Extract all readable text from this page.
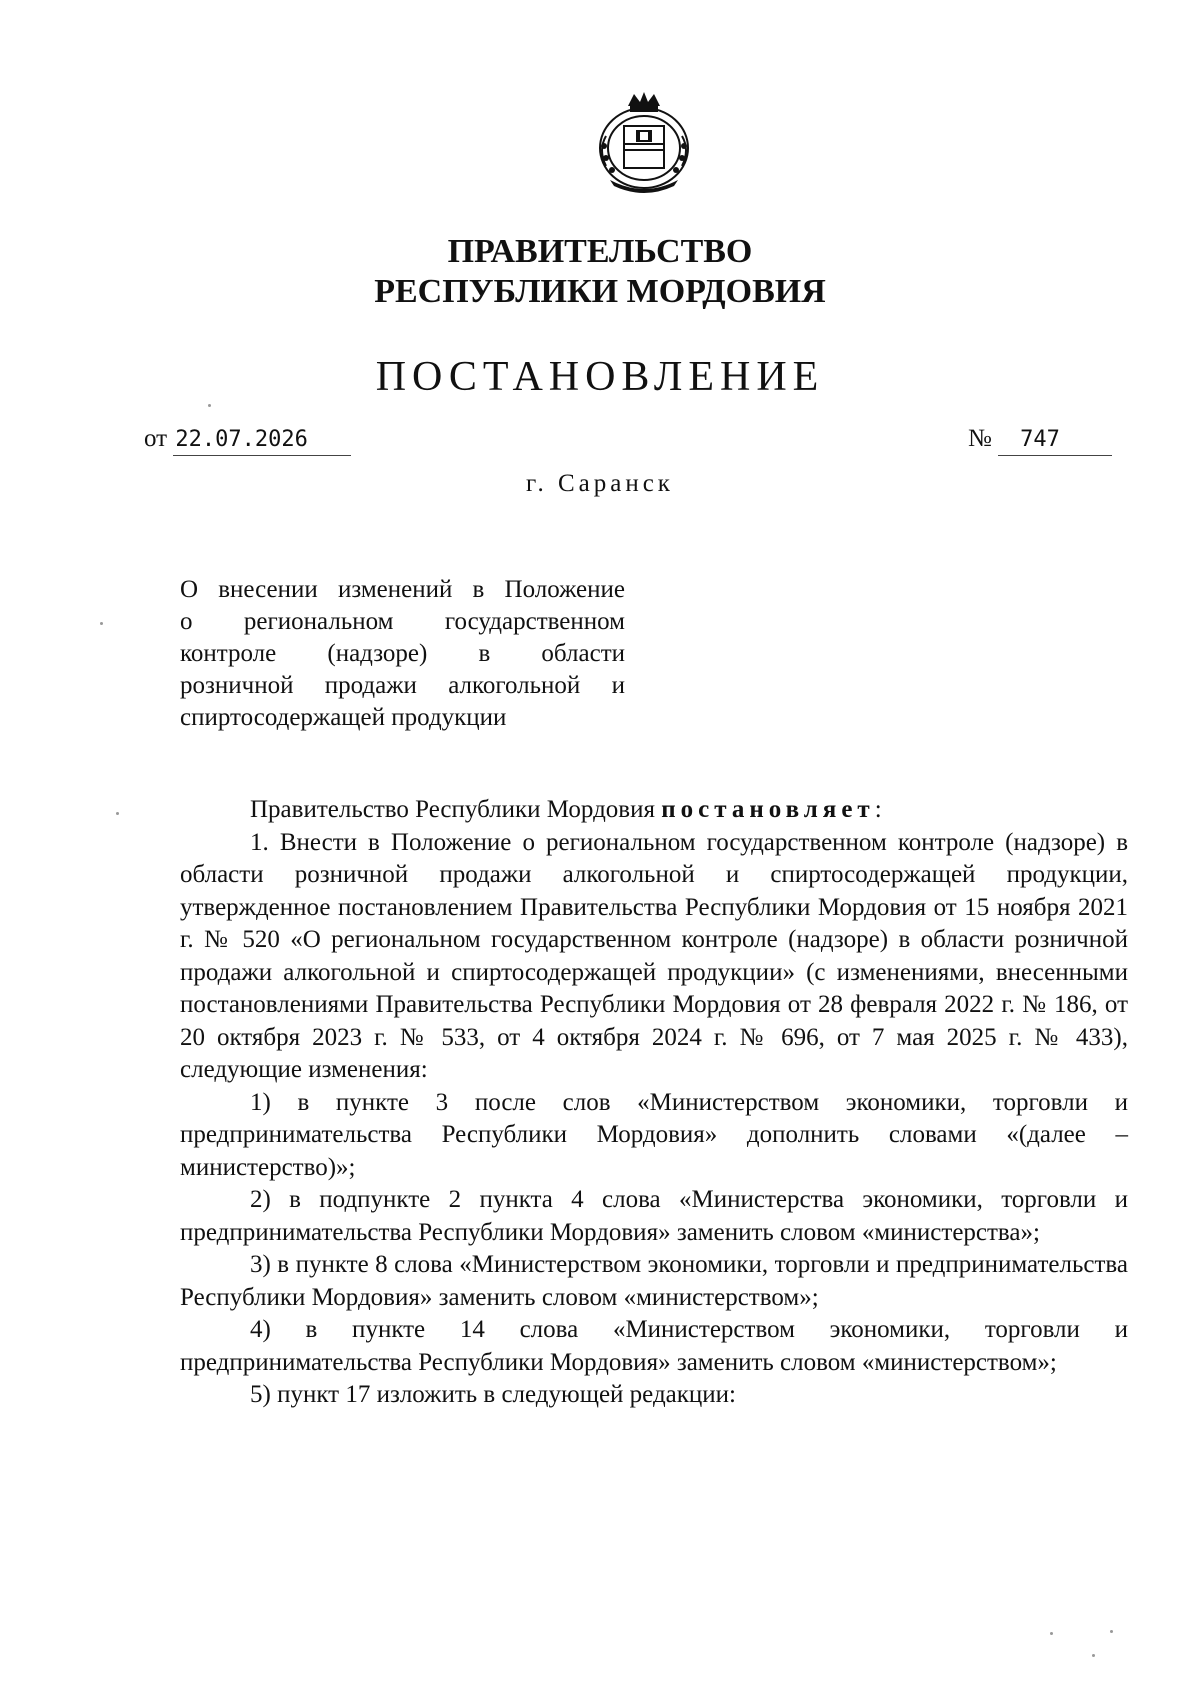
ПРАВИТЕЛЬСТВО
РЕСПУБЛИКИ МОРДОВИЯ
ПОСТАНОВЛЕНИЕ
от 22.07.2026	№ 747
г. Саранск
О внесении изменений в Положение
о региональном государственном
контроле (надзоре) в области
розничной продажи алкогольной и
спиртосодержащей продукции

Правительство Республики Мордовия постановляет:

1. Внести в Положение о региональном государственном контроле (надзоре) в области розничной продажи алкогольной и спиртосодержащей продукции, утвержденное постановлением Правительства Республики Мордовия от 15 ноября 2021 г. № 520 «О региональном государственном контроле (надзоре) в области розничной продажи алкогольной и спиртосодержащей продукции» (с изменениями, внесенными постановлениями Правительства Республики Мордовия от 28 февраля 2022 г. № 186, от 20 октября 2023 г. № 533, от 4 октября 2024 г. № 696, от 7 мая 2025 г. № 433), следующие изменения:

1) в пункте 3 после слов «Министерством экономики, торговли и предпринимательства Республики Мордовия» дополнить словами «(далее – министерство)»;

2) в подпункте 2 пункта 4 слова «Министерства экономики, торговли и предпринимательства Республики Мордовия» заменить словом «министерства»;

3) в пункте 8 слова «Министерством экономики, торговли и предпринимательства Республики Мордовия» заменить словом «министерством»;

4) в пункте 14 слова «Министерством экономики, торговли и предпринимательства Республики Мордовия» заменить словом «министерством»;

5) пункт 17 изложить в следующей редакции:
